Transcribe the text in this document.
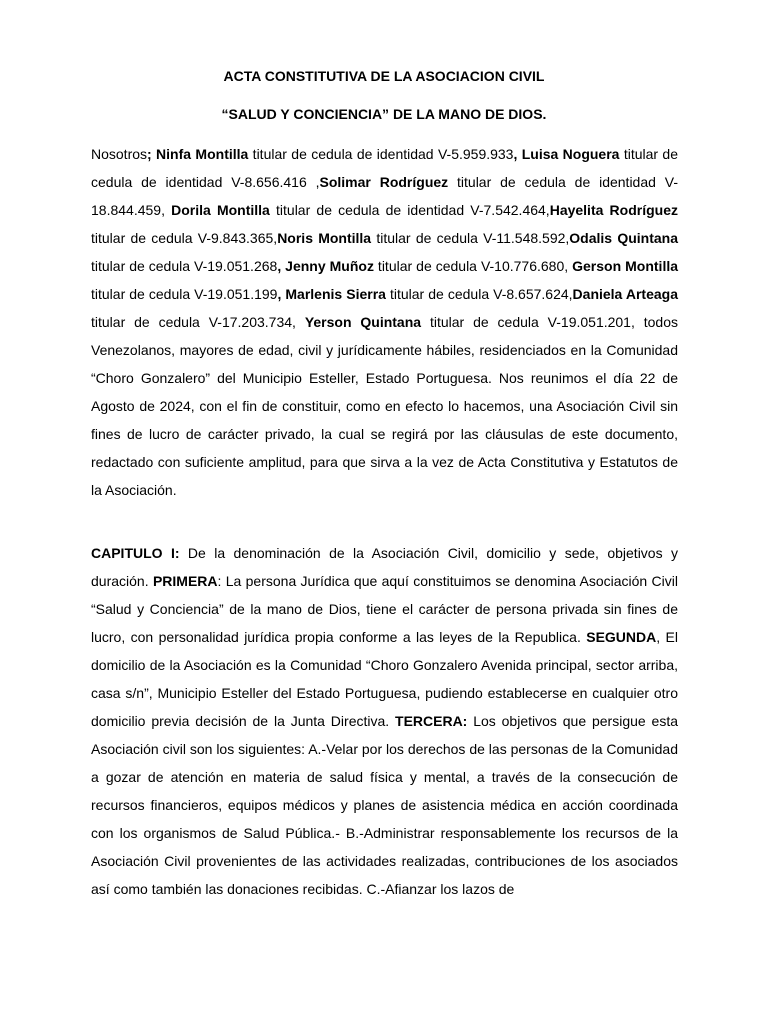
ACTA CONSTITUTIVA DE LA ASOCIACION CIVIL

“SALUD Y CONCIENCIA” DE LA MANO DE DIOS.

Nosotros; Ninfa Montilla titular de cedula de identidad V-5.959.933, Luisa Noguera titular de cedula de identidad V-8.656.416 ,Solimar Rodríguez titular de cedula de identidad V-18.844.459, Dorila Montilla titular de cedula de identidad V-7.542.464,Hayelita Rodríguez titular de cedula V-9.843.365,Noris Montilla titular de cedula V-11.548.592,Odalis Quintana titular de cedula V-19.051.268, Jenny Muñoz titular de cedula V-10.776.680, Gerson Montilla titular de cedula V-19.051.199, Marlenis Sierra titular de cedula V-8.657.624,Daniela Arteaga titular de cedula V-17.203.734, Yerson Quintana titular de cedula V-19.051.201, todos Venezolanos, mayores de edad, civil y jurídicamente hábiles, residenciados en la Comunidad “Choro Gonzalero” del Municipio Esteller, Estado Portuguesa. Nos reunimos el día 22 de Agosto de 2024, con el fin de constituir, como en efecto lo hacemos, una Asociación Civil sin fines de lucro de carácter privado, la cual se regirá por las cláusulas de este documento, redactado con suficiente amplitud, para que sirva a la vez de Acta Constitutiva y Estatutos de la Asociación.

CAPITULO I: De la denominación de la Asociación Civil, domicilio y sede, objetivos y duración. PRIMERA: La persona Jurídica que aquí constituimos se denomina Asociación Civil “Salud y Conciencia” de la mano de Dios, tiene el carácter de persona privada sin fines de lucro, con personalidad jurídica propia conforme a las leyes de la Republica. SEGUNDA, El domicilio de la Asociación es la Comunidad “Choro Gonzalero Avenida principal, sector arriba, casa s/n”, Municipio Esteller del Estado Portuguesa, pudiendo establecerse en cualquier otro domicilio previa decisión de la Junta Directiva. TERCERA: Los objetivos que persigue esta Asociación civil son los siguientes: A.-Velar por los derechos de las personas de la Comunidad a gozar de atención en materia de salud física y mental, a través de la consecución de recursos financieros, equipos médicos y planes de asistencia médica en acción coordinada con los organismos de Salud Pública.- B.-Administrar responsablemente los recursos de la Asociación Civil provenientes de las actividades realizadas, contribuciones de los asociados así como también las donaciones recibidas. C.-Afianzar los lazos de
